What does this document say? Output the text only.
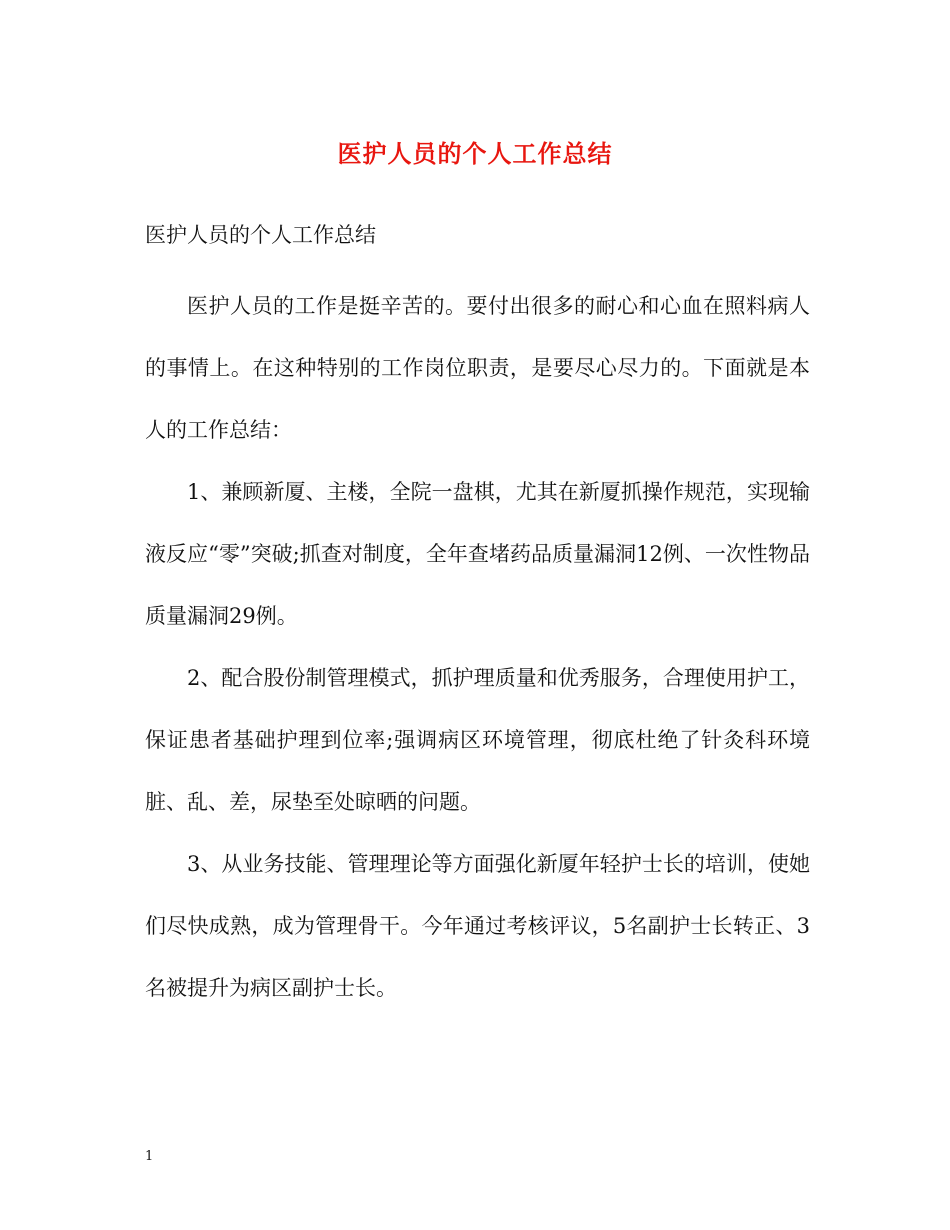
医护人员的个人工作总结

医护人员的个人工作总结

医护人员的工作是挺辛苦的。要付出很多的耐心和心血在照料病人的事情上。在这种特别的工作岗位职责，是要尽心尽力的。下面就是本人的工作总结：

1、兼顾新厦、主楼，全院一盘棋，尤其在新厦抓操作规范，实现输液反应“零”突破;抓查对制度，全年查堵药品质量漏洞12例、一次性物品质量漏洞29例。

2、配合股份制管理模式，抓护理质量和优秀服务，合理使用护工，保证患者基础护理到位率;强调病区环境管理，彻底杜绝了针灸科环境脏、乱、差，尿垫至处晾晒的问题。

3、从业务技能、管理理论等方面强化新厦年轻护士长的培训，使她们尽快成熟，成为管理骨干。今年通过考核评议，5名副护士长转正、3名被提升为病区副护士长。

1
